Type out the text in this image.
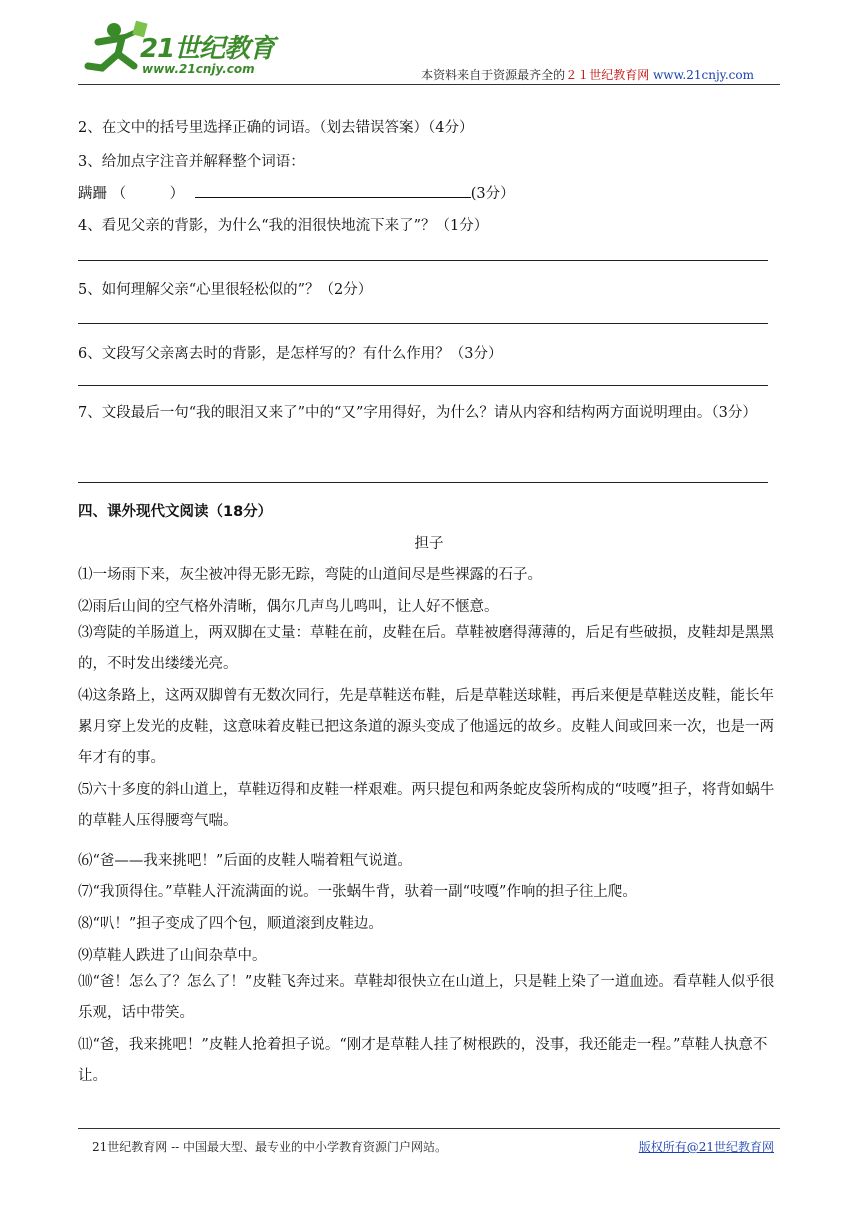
21世纪教育
www.21cnjy.com	本资料来自于资源最齐全的２１世纪教育网 www.21cnjy.com
2、在文中的括号里选择正确的词语。（划去错误答案）（4分）
3、给加点字注音并解释整个词语：
蹒跚 （　　　）	(3分）
4、看见父亲的背影，为什么“我的泪很快地流下来了”？（1分）
5、如何理解父亲“心里很轻松似的”？（2分）
6、文段写父亲离去时的背影，是怎样写的？有什么作用？（3分）
7、文段最后一句“我的眼泪又来了”中的“又”字用得好，为什么？请从内容和结构两方面说明理由。（3分）
四、课外现代文阅读（18分）
担子
⑴一场雨下来，灰尘被冲得无影无踪，弯陡的山道间尽是些裸露的石子。
⑵雨后山间的空气格外清晰，偶尔几声鸟儿鸣叫，让人好不惬意。
⑶弯陡的羊肠道上，两双脚在丈量：草鞋在前，皮鞋在后。草鞋被磨得薄薄的，后足有些破损，皮鞋却是黑黑的，不时发出缕缕光亮。
⑷这条路上，这两双脚曾有无数次同行，先是草鞋送布鞋，后是草鞋送球鞋，再后来便是草鞋送皮鞋，能长年累月穿上发光的皮鞋，这意味着皮鞋已把这条道的源头变成了他遥远的故乡。皮鞋人间或回来一次，也是一两年才有的事。
⑸六十多度的斜山道上，草鞋迈得和皮鞋一样艰难。两只提包和两条蛇皮袋所构成的“吱嘎”担子，将背如蜗牛的草鞋人压得腰弯气喘。
⑹“爸——我来挑吧！”后面的皮鞋人喘着粗气说道。
⑺“我顶得住。”草鞋人汗流满面的说。一张蜗牛背，驮着一副“吱嘎”作响的担子往上爬。
⑻“叭！”担子变成了四个包，顺道滚到皮鞋边。
⑼草鞋人跌进了山间杂草中。
⑽“爸！怎么了？怎么了！”皮鞋飞奔过来。草鞋却很快立在山道上，只是鞋上染了一道血迹。看草鞋人似乎很乐观，话中带笑。
⑾“爸，我来挑吧！”皮鞋人抢着担子说。“刚才是草鞋人挂了树根跌的，没事，我还能走一程。”草鞋人执意不让。
21世纪教育网 -- 中国最大型、最专业的中小学教育资源门户网站。	版权所有@21世纪教育网
